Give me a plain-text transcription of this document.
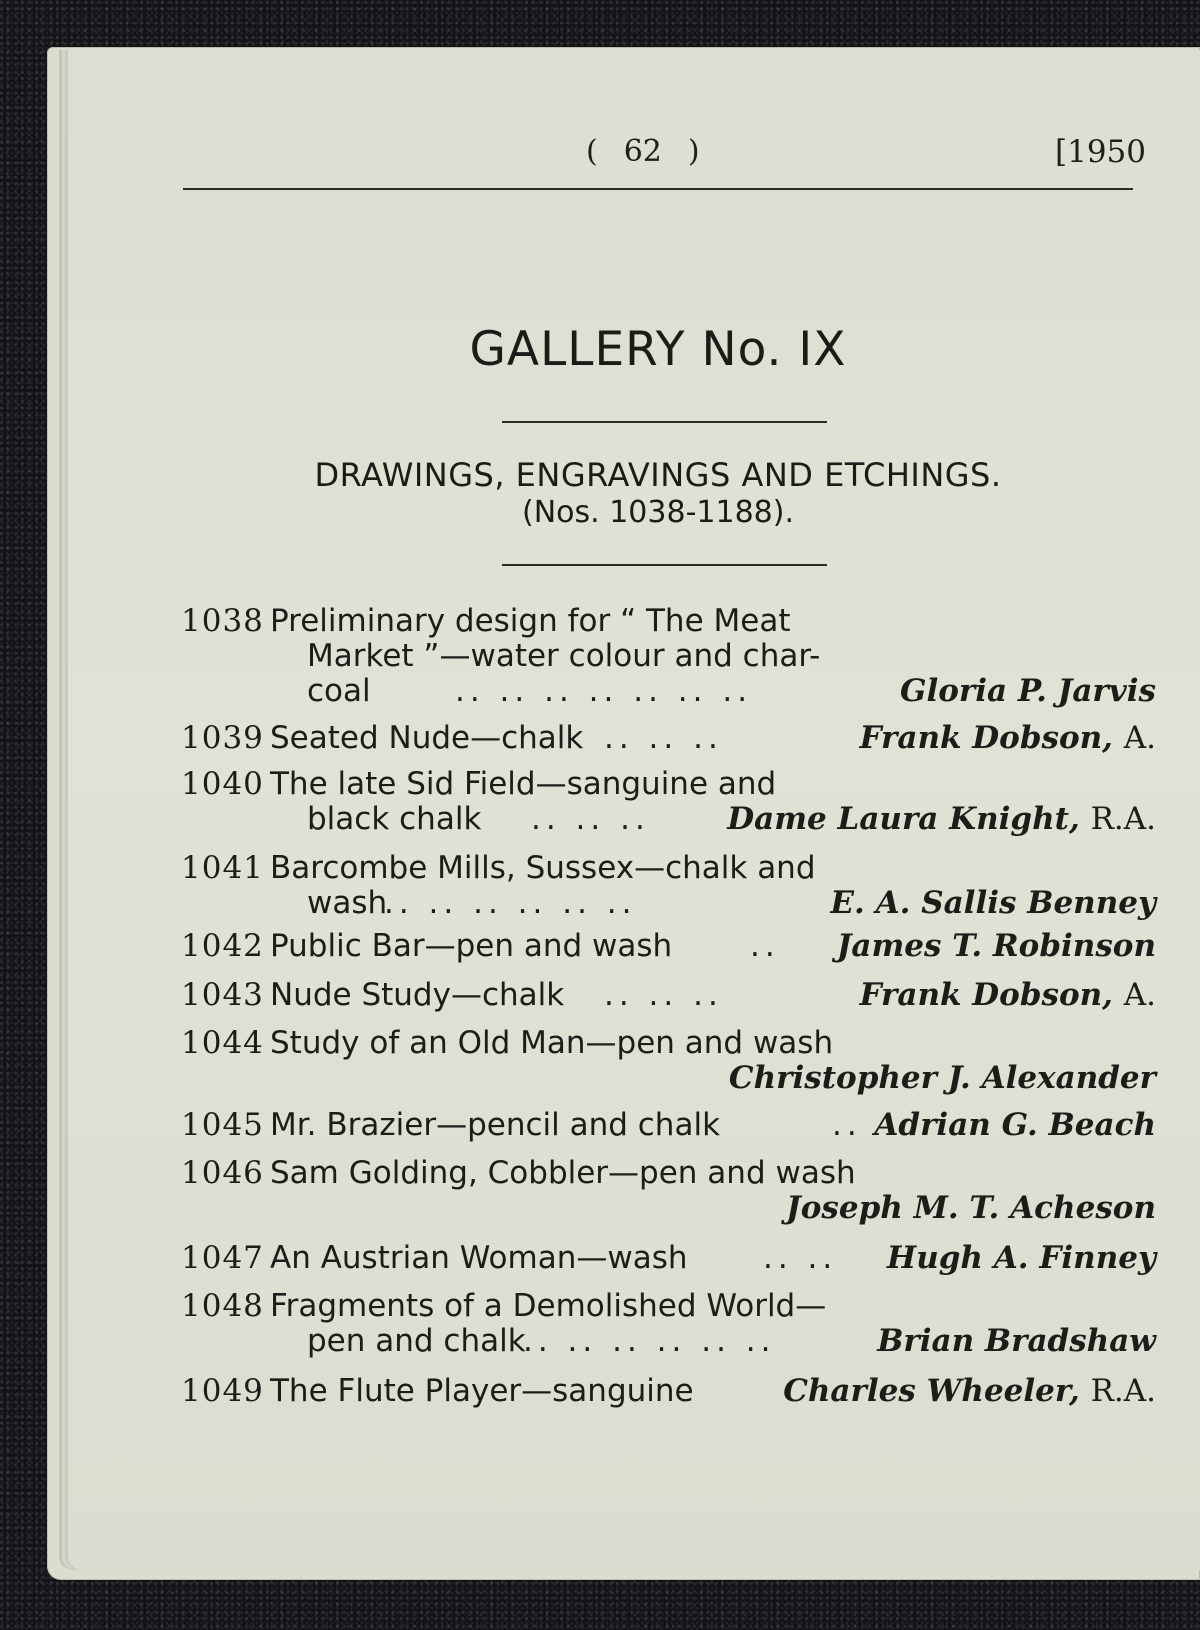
( 62 )	[1950
GALLERY No. IX
DRAWINGS, ENGRAVINGS AND ETCHINGS.
(Nos. 1038-1188).
1038 Preliminary design for “ The Meat
Market ”—water colour and char-
coal	.. .. .. .. .. .. ..	Gloria P. Jarvis
1039 Seated Nude—chalk .. .. ..	Frank Dobson, A.
1040 The late Sid Field—sanguine and
black chalk .. .. .. Dame Laura Knight, R.A.
1041 Barcombe Mills, Sussex—chalk and
wash
.. .. .. .. .. ..	E. A. Sallis Benney
1042 Public Bar—pen and wash	.. James T. Robinson
1043 Nude Study—chalk .. .. ..	Frank Dobson, A.
1044 Study of an Old Man—pen and wash
Christopher J. Alexander
1045 Mr. Brazier—pencil and chalk	.. Adrian G. Beach
1046 Sam Golding, Cobbler—pen and wash
Joseph M. T. Acheson
1047 An Austrian Woman—wash .. .. Hugh A. Finney
1048 Fragments of a Demolished World—
pen and chalk
.. .. .. .. .. ..	Brian Bradshaw
1049 The Flute Player—sanguine	Charles Wheeler, R.A.
